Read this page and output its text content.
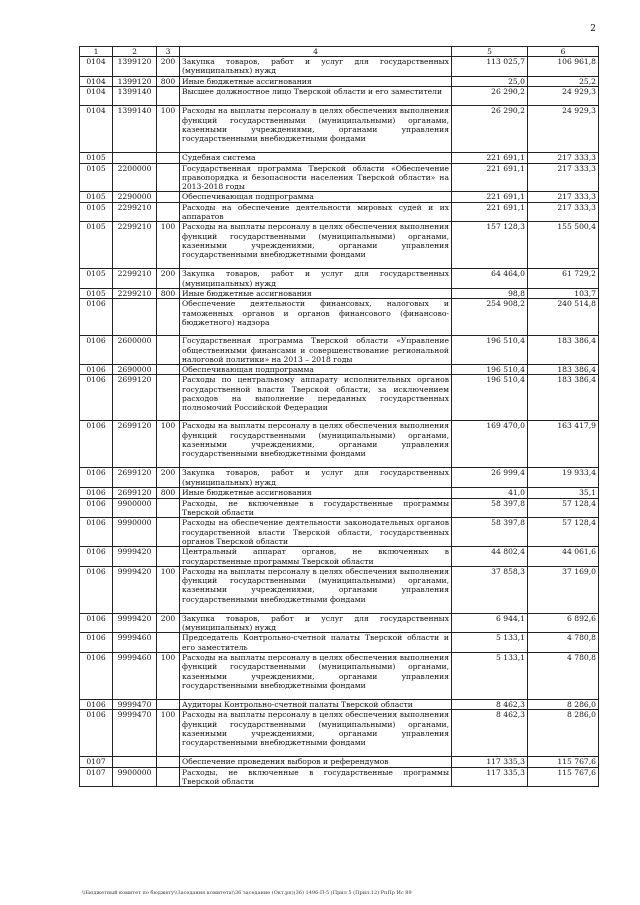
2
1	2	3	4	5	6
0104	1399120	200	Закупка товаров, работ и услуг для государственных (муниципальных) нужд	113 025,7	106 961,8
0104	1399120	800	Иные бюджетные ассигнования	25,0	25,2
0104	1399140		Высшее должностное лицо Тверской области и его заместители	26 290,2	24 929,3
0104	1399140	100	Расходы на выплаты персоналу в целях обеспечения выполнения функций государственными (муниципальными) органами, казенными учреждениями, органами управления государственными внебюджетными фондами	26 290,2	24 929,3
0105			Судебная система	221 691,1	217 333,3
0105	2200000		Государственная программа Тверской области «Обеспечение правопорядка и безопасности населения Тверской области» на 2013-2018 годы	221 691,1	217 333,3
0105	2290000		Обеспечивающая подпрограмма	221 691,1	217 333,3
0105	2299210		Расходы на обеспечение деятельности мировых судей и их аппаратов	221 691,1	217 333,3
0105	2299210	100	Расходы на выплаты персоналу в целях обеспечения выполнения функций государственными (муниципальными) органами, казенными учреждениями, органами управления государственными внебюджетными фондами	157 128,3	155 500,4
0105	2299210	200	Закупка товаров, работ и услуг для государственных (муниципальных) нужд	64 464,0	61 729,2
0105	2299210	800	Иные бюджетные ассигнования	98,8	103,7
0106			Обеспечение деятельности финансовых, налоговых и таможенных органов и органов финансового (финансово-бюджетного) надзора	254 908,2	240 514,8
0106	2600000		Государственная программа Тверской области «Управление общественными финансами и совершенствование региональной налоговой политики» на 2013 – 2018 годы	196 510,4	183 386,4
0106	2690000		Обеспечивающая подпрограмма	196 510,4	183 386,4
0106	2699120		Расходы по центральному аппарату исполнительных органов государственной власти Тверской области, за исключением расходов на выполнение переданных государственных полномочий Российской Федерации	196 510,4	183 386,4
0106	2699120	100	Расходы на выплаты персоналу в целях обеспечения выполнения функций государственными (муниципальными) органами, казенными учреждениями, органами управления государственными внебюджетными фондами	169 470,0	163 417,9
0106	2699120	200	Закупка товаров, работ и услуг для государственных (муниципальных) нужд	26 999,4	19 933,4
0106	2699120	800	Иные бюджетные ассигнования	41,0	35,1
0106	9900000		Расходы, не включенные в государственные программы Тверской области	58 397,8	57 128,4
0106	9990000		Расходы на обеспечение деятельности законодательных органов государственной власти Тверской области, государственных органов Тверской области	58 397,8	57 128,4
0106	9999420		Центральный аппарат органов, не включенных в государственные программы Тверской области	44 802,4	44 061,6
0106	9999420	100	Расходы на выплаты персоналу в целях обеспечения выполнения функций государственными (муниципальными) органами, казенными учреждениями, органами управления государственными внебюджетными фондами	37 858,3	37 169,0
0106	9999420	200	Закупка товаров, работ и услуг для государственных (муниципальных) нужд	6 944,1	6 892,6
0106	9999460		Председатель Контрольно-счетной палаты Тверской области и его заместитель	5 133,1	4 780,8
0106	9999460	100	Расходы на выплаты персоналу в целях обеспечения выполнения функций государственными (муниципальными) органами, казенными учреждениями, органами управления государственными внебюджетными фондами	5 133,1	4 780,8
0106	9999470		Аудиторы Контрольно-счетной палаты Тверской области	8 462,3	8 286,0
0106	9999470	100	Расходы на выплаты персоналу в целях обеспечения выполнения функций государственными (муниципальными) органами, казенными учреждениями, органами управления государственными внебюджетными фондами	8 462,3	8 286,0
0107			Обеспечение проведения выборов и референдумов	117 335,3	115 767,6
0107	9900000		Расходы, не включенные в государственные программы Тверской области	117 335,3	115 767,6
\\Бюджетный комитет по бюджету\\Заседания комитета\\36 заседание (Окт.рп)(36) 1496-П-5 (Прил 5 (Прил.12) РпПр Ис 89
